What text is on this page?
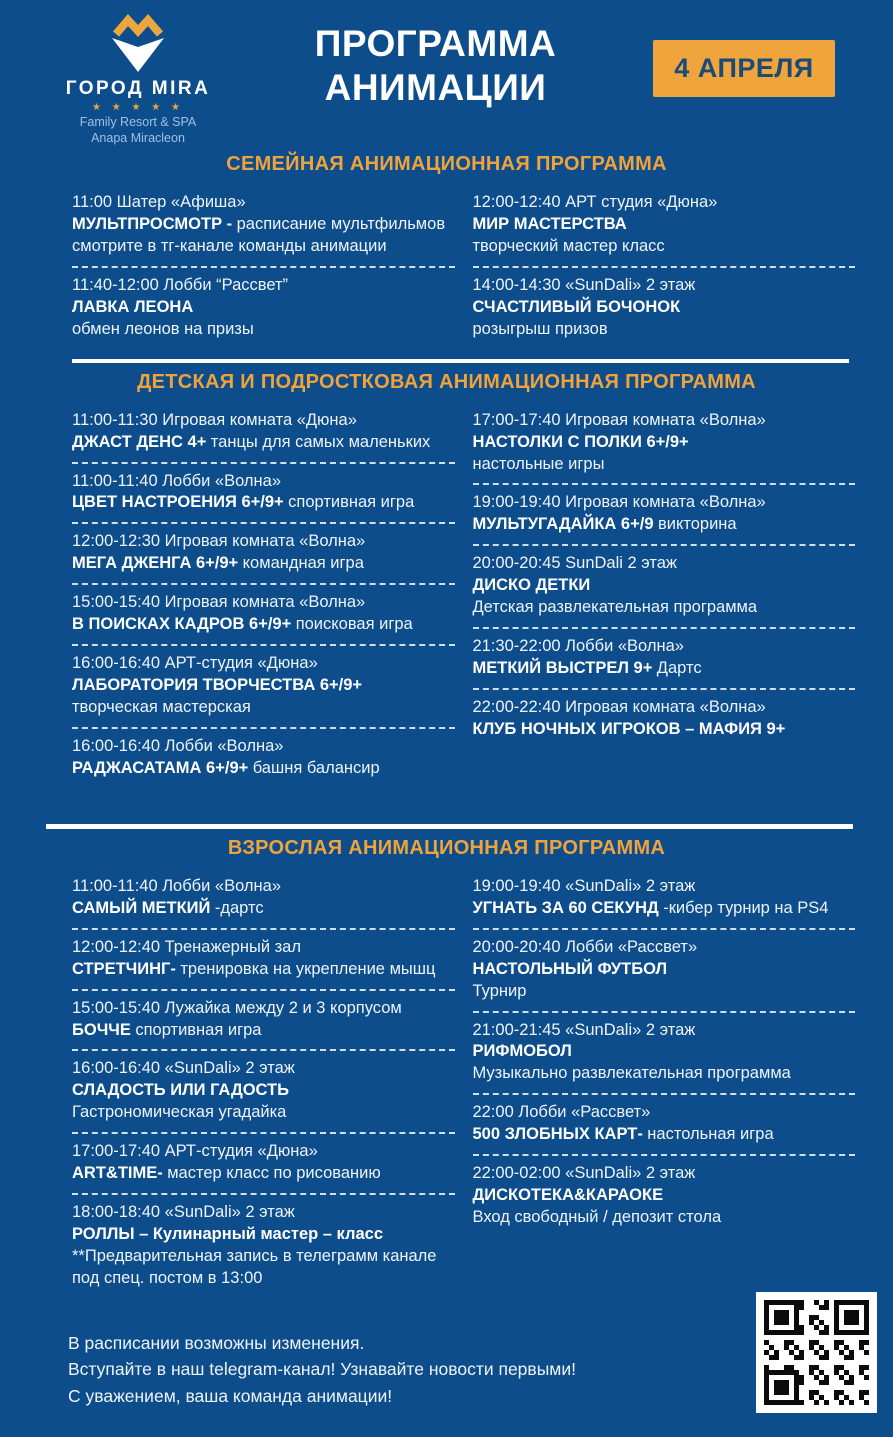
ГОРОД MIRA
★ ★ ★ ★ ★
Family Resort & SPA
Anapa Miracleon
ПРОГРАММА
АНИМАЦИИ	4 АПРЕЛЯ
СЕМЕЙНАЯ АНИМАЦИОННАЯ ПРОГРАММА
11:00 Шатер «Афиша»
МУЛЬТПРОСМОТР - расписание мультфильмов смотрите в тг-канале команды анимации
11:40-12:00 Лобби “Рассвет”
ЛАВКА ЛЕОНА
обмен леонов на призы
12:00-12:40 АРТ студия «Дюна»
МИР МАСТЕРСТВА
творческий мастер класс
14:00-14:30 «SunDali» 2 этаж
СЧАСТЛИВЫЙ БОЧОНОК
розыгрыш призов
ДЕТСКАЯ И ПОДРОСТКОВАЯ АНИМАЦИОННАЯ ПРОГРАММА
11:00-11:30 Игровая комната «Дюна»
ДЖАСТ ДЕНС 4+ танцы для самых маленьких
11:00-11:40 Лобби «Волна»
ЦВЕТ НАСТРОЕНИЯ 6+/9+ спортивная игра
12:00-12:30 Игровая комната «Волна»
МЕГА ДЖЕНГА 6+/9+ командная игра
15:00-15:40 Игровая комната «Волна»
В ПОИСКАХ КАДРОВ 6+/9+ поисковая игра
16:00-16:40 АРТ-студия «Дюна»
ЛАБОРАТОРИЯ ТВОРЧЕСТВА 6+/9+
творческая мастерская
16:00-16:40 Лобби «Волна»
РАДЖАСАТАМА 6+/9+ башня балансир
17:00-17:40 Игровая комната «Волна»
НАСТОЛКИ С ПОЛКИ 6+/9+
настольные игры
19:00-19:40 Игровая комната «Волна»
МУЛЬТУГАДАЙКА 6+/9 викторина
20:00-20:45 SunDali 2 этаж
ДИСКО ДЕТКИ
Детская развлекательная программа
21:30-22:00 Лобби «Волна»
МЕТКИЙ ВЫСТРЕЛ 9+ Дартс
22:00-22:40 Игровая комната «Волна»
КЛУБ НОЧНЫХ ИГРОКОВ – МАФИЯ 9+
ВЗРОСЛАЯ АНИМАЦИОННАЯ ПРОГРАММА
11:00-11:40 Лобби «Волна»
САМЫЙ МЕТКИЙ -дартс
12:00-12:40 Тренажерный зал
СТРЕТЧИНГ- тренировка на укрепление мышц
15:00-15:40 Лужайка между 2 и 3 корпусом
БОЧЧЕ спортивная игра
16:00-16:40 «SunDali» 2 этаж
СЛАДОСТЬ ИЛИ ГАДОСТЬ
Гастрономическая угадайка
17:00-17:40 АРТ-студия «Дюна»
ART&TIME- мастер класс по рисованию
18:00-18:40 «SunDali» 2 этаж
РОЛЛЫ – Кулинарный мастер – класс
**Предварительная запись в телеграмм канале под спец. постом в 13:00
19:00-19:40 «SunDali» 2 этаж
УГНАТЬ ЗА 60 СЕКУНД -кибер турнир на PS4
20:00-20:40 Лобби «Рассвет»
НАСТОЛЬНЫЙ ФУТБОЛ
Турнир
21:00-21:45 «SunDali» 2 этаж
РИФМОБОЛ
Музыкально развлекательная программа
22:00 Лобби «Рассвет»
500 ЗЛОБНЫХ КАРТ- настольная игра
22:00-02:00 «SunDali» 2 этаж
ДИСКОТЕКА&КАРАОКЕ
Вход свободный / депозит стола
В расписании возможны изменения.
Вступайте в наш telegram-канал! Узнавайте новости первыми!
С уважением, ваша команда анимации!
